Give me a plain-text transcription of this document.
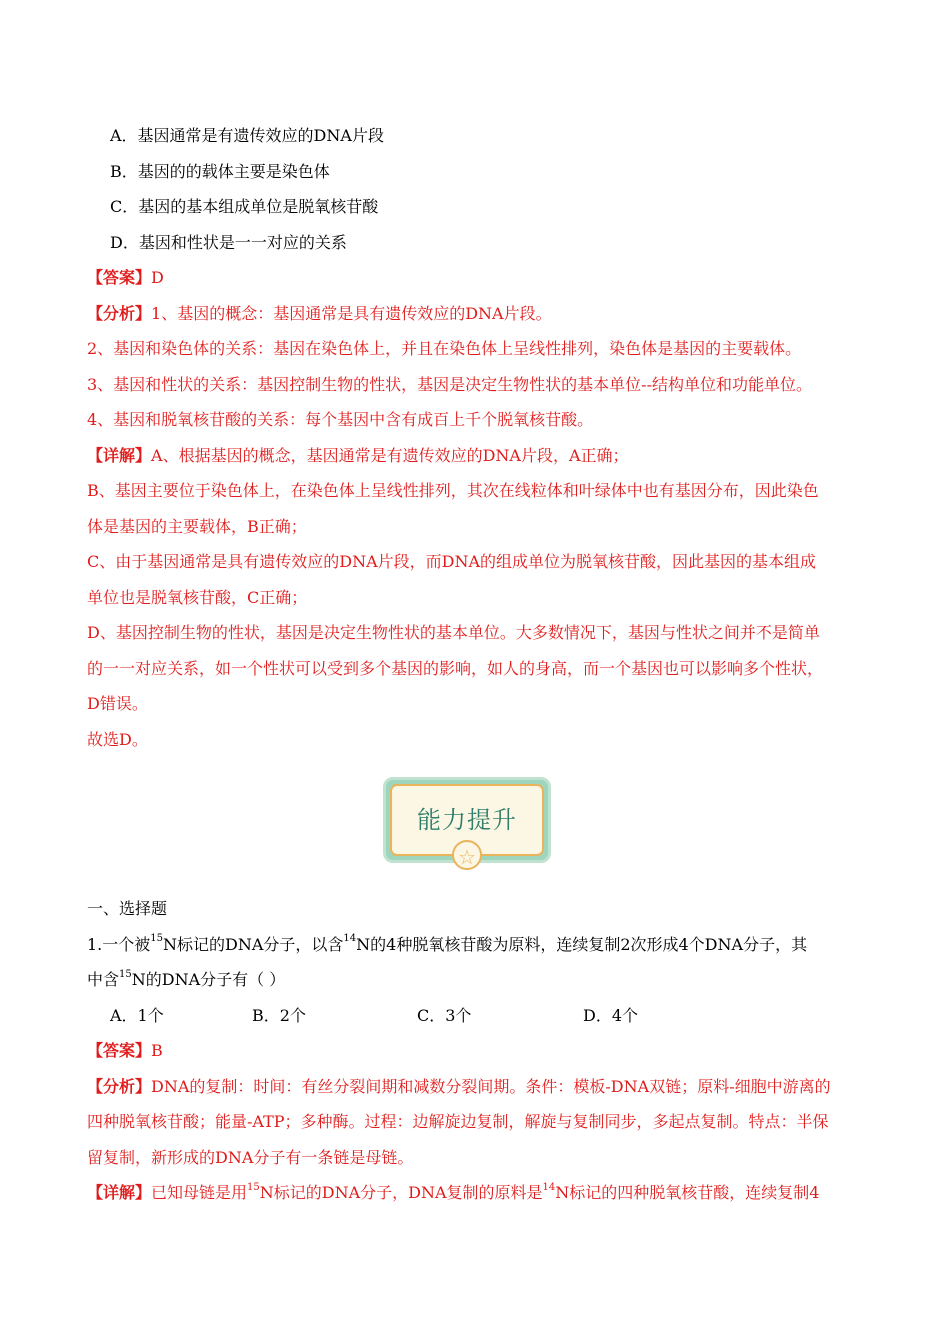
A．基因通常是有遗传效应的DNA片段
B．基因的的载体主要是染色体
C．基因的基本组成单位是脱氧核苷酸
D．基因和性状是一一对应的关系
【答案】D
【分析】1、基因的概念：基因通常是具有遗传效应的DNA片段。
2、基因和染色体的关系：基因在染色体上，并且在染色体上呈线性排列，染色体是基因的主要载体。
3、基因和性状的关系：基因控制生物的性状，基因是决定生物性状的基本单位--结构单位和功能单位。
4、基因和脱氧核苷酸的关系：每个基因中含有成百上千个脱氧核苷酸。
【详解】A、根据基因的概念，基因通常是有遗传效应的DNA片段，A正确；
B、基因主要位于染色体上，在染色体上呈线性排列，其次在线粒体和叶绿体中也有基因分布，因此染色
体是基因的主要载体，B正确；
C、由于基因通常是具有遗传效应的DNA片段，而DNA的组成单位为脱氧核苷酸，因此基因的基本组成
单位也是脱氧核苷酸，C正确；
D、基因控制生物的性状，基因是决定生物性状的基本单位。大多数情况下，基因与性状之间并不是简单
的一一对应关系，如一个性状可以受到多个基因的影响，如人的身高，而一个基因也可以影响多个性状，
D错误。
故选D。
能力提升
☆
一、选择题
1.一个被$^{15}$N标记的DNA分子，以含$^{14}$N的4种脱氧核苷酸为原料，连续复制2次形成4个DNA分子，其
中含$^{15}$N的DNA分子有（ ）
A．1个	B．2个	C．3个	D．4个
【答案】B
【分析】DNA的复制：时间：有丝分裂间期和减数分裂间期。条件：模板-DNA双链；原料-细胞中游离的
四种脱氧核苷酸；能量-ATP；多种酶。过程：边解旋边复制，解旋与复制同步，多起点复制。特点：半保
留复制，新形成的DNA分子有一条链是母链。
【详解】已知母链是用$^{15}$N标记的DNA分子，DNA复制的原料是$^{14}$N标记的四种脱氧核苷酸，连续复制4
